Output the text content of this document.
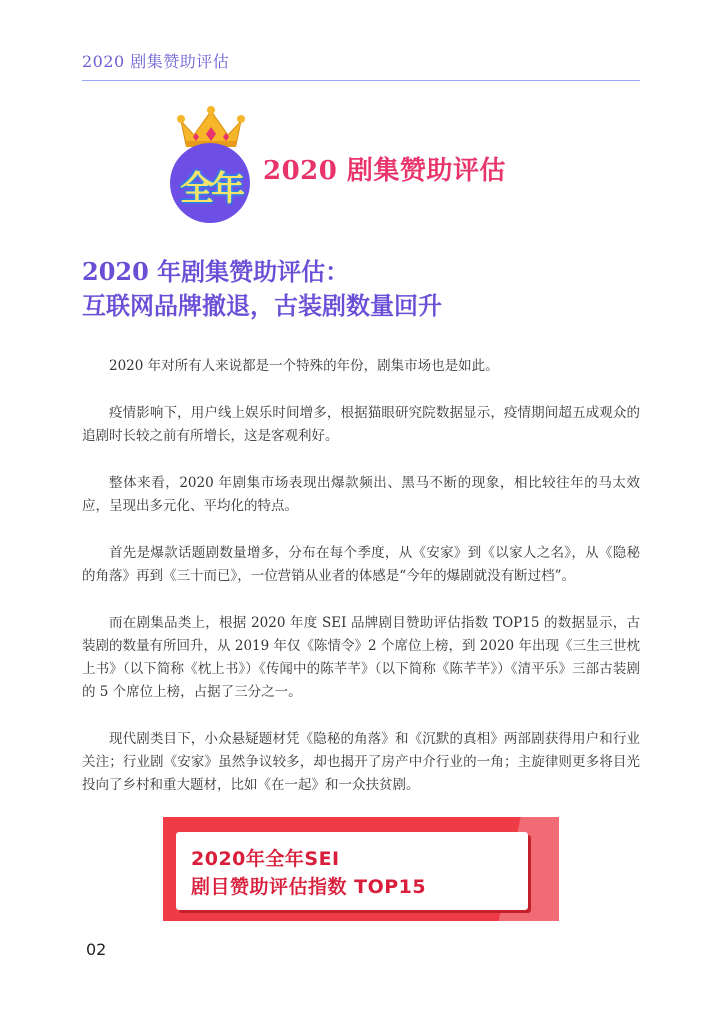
2020 剧集赞助评估
全年 2020 剧集赞助评估
2020 年剧集赞助评估：
互联网品牌撤退，古装剧数量回升

2020 年对所有人来说都是一个特殊的年份，剧集市场也是如此。

疫情影响下，用户线上娱乐时间增多，根据猫眼研究院数据显示，疫情期间超五成观众的追剧时长较之前有所增长，这是客观利好。

整体来看，2020 年剧集市场表现出爆款频出、黑马不断的现象，相比较往年的马太效应，呈现出多元化、平均化的特点。

首先是爆款话题剧数量增多，分布在每个季度，从《安家》到《以家人之名》，从《隐秘的角落》再到《三十而已》，一位营销从业者的体感是“今年的爆剧就没有断过档”。

而在剧集品类上，根据 2020 年度 SEI 品牌剧目赞助评估指数 TOP15 的数据显示，古装剧的数量有所回升，从 2019 年仅《陈情令》2 个席位上榜，到 2020 年出现《三生三世枕上书》（以下简称《枕上书》）《传闻中的陈芊芊》（以下简称《陈芊芊》）《清平乐》三部古装剧的 5 个席位上榜，占据了三分之一。

现代剧类目下，小众悬疑题材凭《隐秘的角落》和《沉默的真相》两部剧获得用户和行业关注；行业剧《安家》虽然争议较多，却也揭开了房产中介行业的一角；主旋律则更多将目光投向了乡村和重大题材，比如《在一起》和一众扶贫剧。

2020年全年SEI
剧目赞助评估指数 TOP15
02
